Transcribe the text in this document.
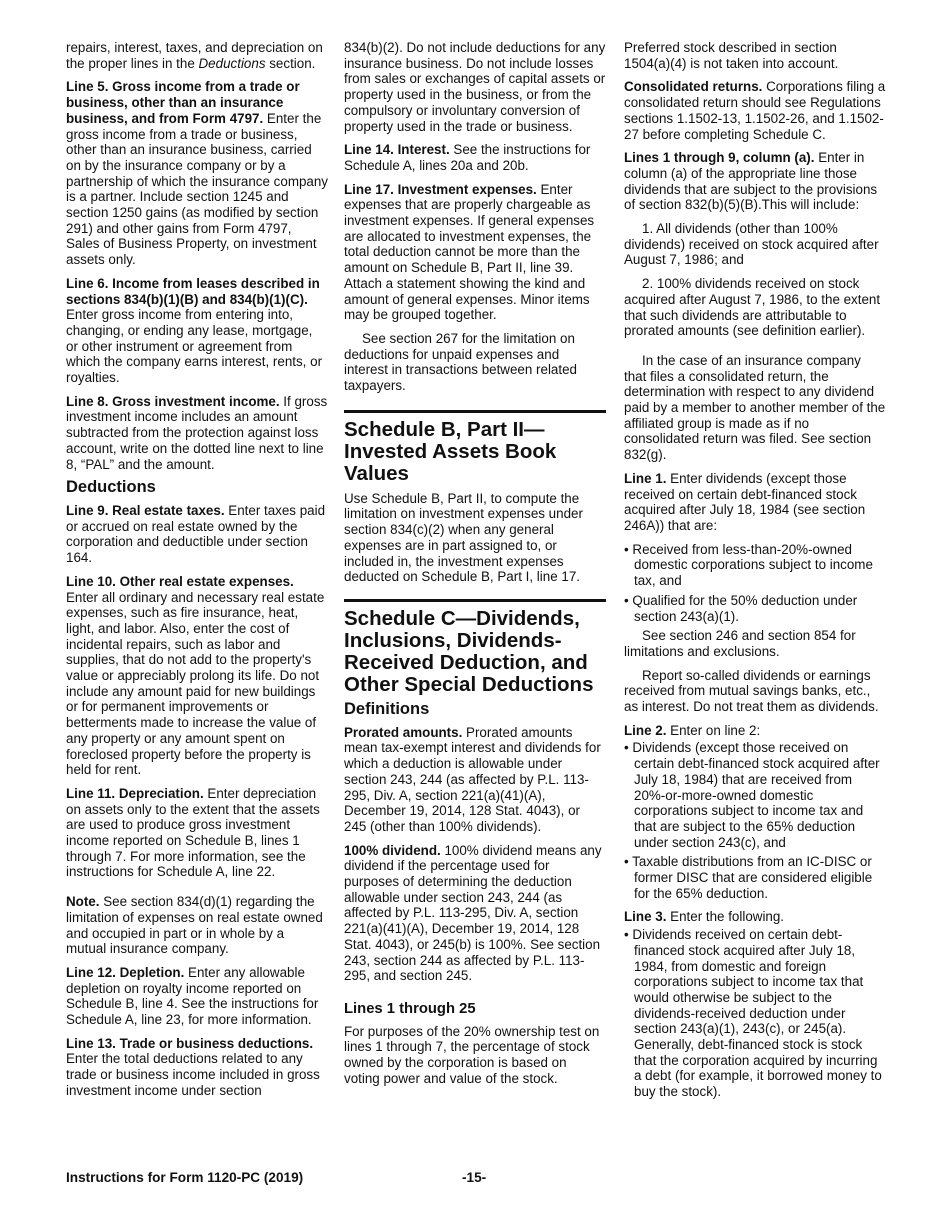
repairs, interest, taxes, and depreciation on the proper lines in the Deductions section.

Line 5. Gross income from a trade or business, other than an insurance business, and from Form 4797. Enter the gross income from a trade or business, other than an insurance business, carried on by the insurance company or by a partnership of which the insurance company is a partner. Include section 1245 and section 1250 gains (as modified by section 291) and other gains from Form 4797, Sales of Business Property, on investment assets only.

Line 6. Income from leases described in sections 834(b)(1)(B) and 834(b)(1)(C). Enter gross income from entering into, changing, or ending any lease, mortgage, or other instrument or agreement from which the company earns interest, rents, or royalties.

Line 8. Gross investment income. If gross investment income includes an amount subtracted from the protection against loss account, write on the dotted line next to line 8, “PAL” and the amount.

Deductions

Line 9. Real estate taxes. Enter taxes paid or accrued on real estate owned by the corporation and deductible under section 164.

Line 10. Other real estate expenses. Enter all ordinary and necessary real estate expenses, such as fire insurance, heat, light, and labor. Also, enter the cost of incidental repairs, such as labor and supplies, that do not add to the property's value or appreciably prolong its life. Do not include any amount paid for new buildings or for permanent improvements or betterments made to increase the value of any property or any amount spent on foreclosed property before the property is held for rent.

Line 11. Depreciation. Enter depreciation on assets only to the extent that the assets are used to produce gross investment income reported on Schedule B, lines 1 through 7. For more information, see the instructions for Schedule A, line 22.

Note. See section 834(d)(1) regarding the limitation of expenses on real estate owned and occupied in part or in whole by a mutual insurance company.

Line 12. Depletion. Enter any allowable depletion on royalty income reported on Schedule B, line 4. See the instructions for Schedule A, line 23, for more information.

Line 13. Trade or business deductions. Enter the total deductions related to any trade or business income included in gross investment income under section

834(b)(2). Do not include deductions for any insurance business. Do not include losses from sales or exchanges of capital assets or property used in the business, or from the compulsory or involuntary conversion of property used in the trade or business.

Line 14. Interest. See the instructions for Schedule A, lines 20a and 20b.

Line 17. Investment expenses. Enter expenses that are properly chargeable as investment expenses. If general expenses are allocated to investment expenses, the total deduction cannot be more than the amount on Schedule B, Part II, line 39. Attach a statement showing the kind and amount of general expenses. Minor items may be grouped together.

See section 267 for the limitation on deductions for unpaid expenses and interest in transactions between related taxpayers.

Schedule B, Part II—Invested Assets Book Values

Use Schedule B, Part II, to compute the limitation on investment expenses under section 834(c)(2) when any general expenses are in part assigned to, or included in, the investment expenses deducted on Schedule B, Part I, line 17.

Schedule C—Dividends, Inclusions, Dividends-Received Deduction, and Other Special Deductions
Definitions

Prorated amounts. Prorated amounts mean tax-exempt interest and dividends for which a deduction is allowable under section 243, 244 (as affected by P.L. 113-295, Div. A, section 221(a)(41)(A), December 19, 2014, 128 Stat. 4043), or 245 (other than 100% dividends).

100% dividend. 100% dividend means any dividend if the percentage used for purposes of determining the deduction allowable under section 243, 244 (as affected by P.L. 113-295, Div. A, section 221(a)(41)(A), December 19, 2014, 128 Stat. 4043), or 245(b) is 100%. See section 243, section 244 as affected by P.L. 113-295, and section 245.

Lines 1 through 25

For purposes of the 20% ownership test on lines 1 through 7, the percentage of stock owned by the corporation is based on voting power and value of the stock.

Preferred stock described in section 1504(a)(4) is not taken into account.

Consolidated returns. Corporations filing a consolidated return should see Regulations sections 1.1502-13, 1.1502-26, and 1.1502-27 before completing Schedule C.

Lines 1 through 9, column (a). Enter in column (a) of the appropriate line those dividends that are subject to the provisions of section 832(b)(5)(B).This will include:

1. All dividends (other than 100% dividends) received on stock acquired after August 7, 1986; and

2. 100% dividends received on stock acquired after August 7, 1986, to the extent that such dividends are attributable to prorated amounts (see definition earlier).

In the case of an insurance company that files a consolidated return, the determination with respect to any dividend paid by a member to another member of the affiliated group is made as if no consolidated return was filed. See section 832(g).

Line 1. Enter dividends (except those received on certain debt-financed stock acquired after July 18, 1984 (see section 246A)) that are:

• Received from less-than-20%-owned domestic corporations subject to income tax, and

• Qualified for the 50% deduction under section 243(a)(1).

See section 246 and section 854 for limitations and exclusions.

Report so-called dividends or earnings received from mutual savings banks, etc., as interest. Do not treat them as dividends.

Line 2. Enter on line 2:

• Dividends (except those received on certain debt-financed stock acquired after July 18, 1984) that are received from 20%-or-more-owned domestic corporations subject to income tax and that are subject to the 65% deduction under section 243(c), and

• Taxable distributions from an IC-DISC or former DISC that are considered eligible for the 65% deduction.

Line 3. Enter the following.

• Dividends received on certain debt-financed stock acquired after July 18, 1984, from domestic and foreign corporations subject to income tax that would otherwise be subject to the dividends-received deduction under section 243(a)(1), 243(c), or 245(a). Generally, debt-financed stock is stock that the corporation acquired by incurring a debt (for example, it borrowed money to buy the stock).

Instructions for Form 1120-PC (2019)	-15-
